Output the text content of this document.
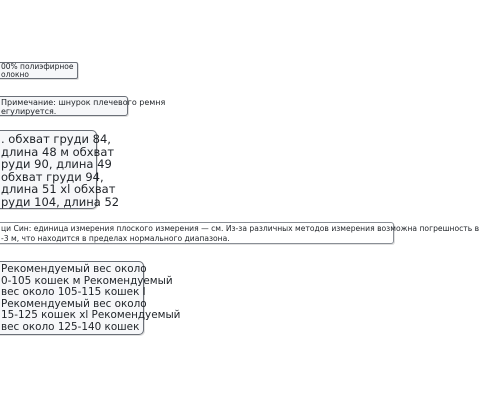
00% полиэфирное
олокно
Примечание: шнурок плечевого ремня
егулируется.
. обхват груди 84,
длина 48 м обхват
руди 90, длина 49
обхват груди 94,
длина 51 xl обхват
руди 104, длина 52
ци Син: единица измерения плоского измерения — см. Из-за различных методов измерения возможна погрешность в
-3 м, что находится в пределах нормального диапазона.
Рекомендуемый вес около
0-105 кошек м Рекомендуемый
вес около 105-115 кошек l
Рекомендуемый вес около
15-125 кошек xl Рекомендуемый
вес около 125-140 кошек
